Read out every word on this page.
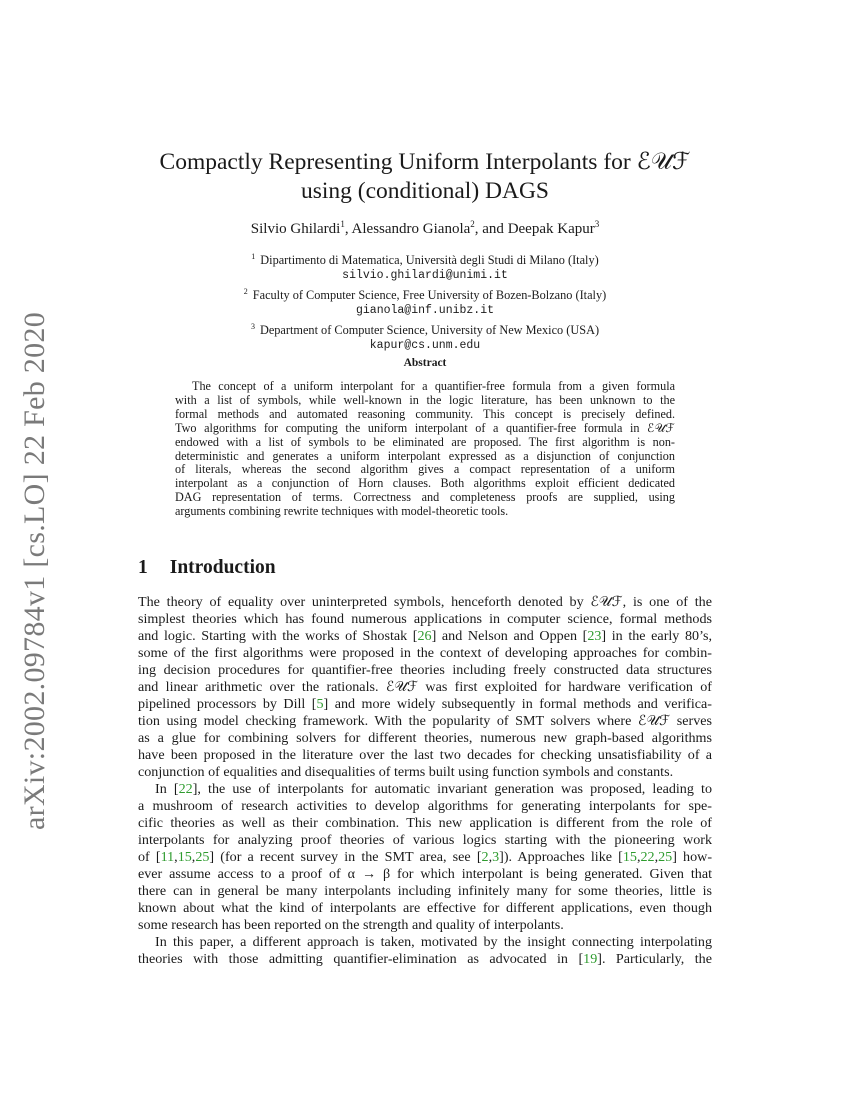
arXiv:2002.09784v1 [cs.LO] 22 Feb 2020
Compactly Representing Uniform Interpolants for ℰ𝒰ℱ
using (conditional) DAGS
Silvio Ghilardi$^1$, Alessandro Gianola$^2$, and Deepak Kapur$^3$
$^1$ Dipartimento di Matematica, Università degli Studi di Milano (Italy)
silvio.ghilardi@unimi.it
$^2$ Faculty of Computer Science, Free University of Bozen-Bolzano (Italy)
gianola@inf.unibz.it
$^3$ Department of Computer Science, University of New Mexico (USA)
kapur@cs.unm.edu
Abstract
The concept of a uniform interpolant for a quantifier-free formula from a given formula
with a list of symbols, while well-known in the logic literature, has been unknown to the
formal methods and automated reasoning community. This concept is precisely defined.
Two algorithms for computing the uniform interpolant of a quantifier-free formula in ℰ𝒰ℱ
endowed with a list of symbols to be eliminated are proposed. The first algorithm is non-
deterministic and generates a uniform interpolant expressed as a disjunction of conjunction
of literals, whereas the second algorithm gives a compact representation of a uniform
interpolant as a conjunction of Horn clauses. Both algorithms exploit efficient dedicated
DAG representation of terms. Correctness and completeness proofs are supplied, using
arguments combining rewrite techniques with model-theoretic tools.
1 Introduction
The theory of equality over uninterpreted symbols, henceforth denoted by ℰ𝒰ℱ, is one of the
simplest theories which has found numerous applications in computer science, formal methods
and logic. Starting with the works of Shostak [26] and Nelson and Oppen [23] in the early 80’s,
some of the first algorithms were proposed in the context of developing approaches for combin-
ing decision procedures for quantifier-free theories including freely constructed data structures
and linear arithmetic over the rationals. ℰ𝒰ℱ was first exploited for hardware verification of
pipelined processors by Dill [5] and more widely subsequently in formal methods and verifica-
tion using model checking framework. With the popularity of SMT solvers where ℰ𝒰ℱ serves
as a glue for combining solvers for different theories, numerous new graph-based algorithms
have been proposed in the literature over the last two decades for checking unsatisfiability of a
conjunction of equalities and disequalities of terms built using function symbols and constants.
In [22], the use of interpolants for automatic invariant generation was proposed, leading to
a mushroom of research activities to develop algorithms for generating interpolants for spe-
cific theories as well as their combination. This new application is different from the role of
interpolants for analyzing proof theories of various logics starting with the pioneering work
of [11,15,25] (for a recent survey in the SMT area, see [2,3]). Approaches like [15,22,25] how-
ever assume access to a proof of α → β for which interpolant is being generated. Given that
there can in general be many interpolants including infinitely many for some theories, little is
known about what the kind of interpolants are effective for different applications, even though
some research has been reported on the strength and quality of interpolants.
In this paper, a different approach is taken, motivated by the insight connecting interpolating
theories with those admitting quantifier-elimination as advocated in [19]. Particularly, the
